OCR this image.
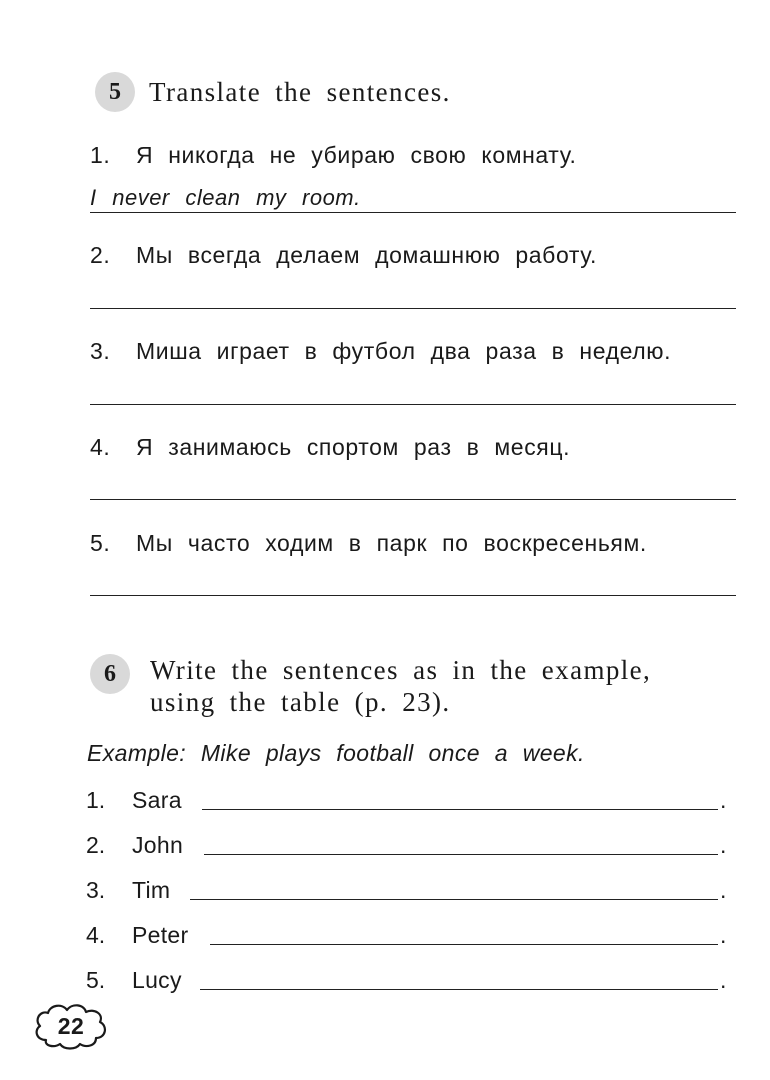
5	Translate the sentences.
1. Я никогда не убираю свою комнату.
I never clean my room.
2. Мы всегда делаем домашнюю работу.
3. Миша играет в футбол два раза в неделю.
4. Я занимаюсь спортом раз в месяц.
5. Мы часто ходим в парк по воскресеньям.
6	Write the sentences as in the example,
using the table (p. 23).
Example: Mike plays football once a week.
1. Sara	.
2. John	.
3. Tim	.
4. Peter	.
5. Lucy	.
22
